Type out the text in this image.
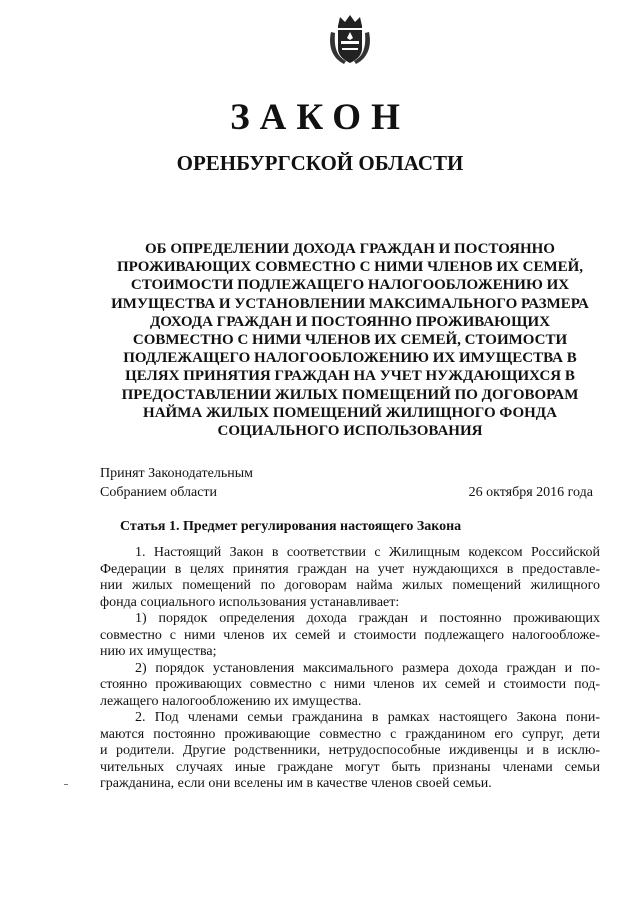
ЗАКОН
ОРЕНБУРГСКОЙ ОБЛАСТИ
ОБ ОПРЕДЕЛЕНИИ ДОХОДА ГРАЖДАН И ПОСТОЯННО
ПРОЖИВАЮЩИХ СОВМЕСТНО С НИМИ ЧЛЕНОВ ИХ СЕМЕЙ,
СТОИМОСТИ ПОДЛЕЖАЩЕГО НАЛОГООБЛОЖЕНИЮ ИХ
ИМУЩЕСТВА И УСТАНОВЛЕНИИ МАКСИМАЛЬНОГО РАЗМЕРА
ДОХОДА ГРАЖДАН И ПОСТОЯННО ПРОЖИВАЮЩИХ
СОВМЕСТНО С НИМИ ЧЛЕНОВ ИХ СЕМЕЙ, СТОИМОСТИ
ПОДЛЕЖАЩЕГО НАЛОГООБЛОЖЕНИЮ ИХ ИМУЩЕСТВА В
ЦЕЛЯХ ПРИНЯТИЯ ГРАЖДАН НА УЧЕТ НУЖДАЮЩИХСЯ В
ПРЕДОСТАВЛЕНИИ ЖИЛЫХ ПОМЕЩЕНИЙ ПО ДОГОВОРАМ
НАЙМА ЖИЛЫХ ПОМЕЩЕНИЙ ЖИЛИЩНОГО ФОНДА
СОЦИАЛЬНОГО ИСПОЛЬЗОВАНИЯ
Принят Законодательным
Собранием области	26 октября 2016 года
Статья 1. Предмет регулирования настоящего Закона

1. Настоящий Закон в соответствии с Жилищным кодексом Российской
Федерации в целях принятия граждан на учет нуждающихся в предоставле-
нии жилых помещений по договорам найма жилых помещений жилищного
фонда социального использования устанавливает:

1) порядок определения дохода граждан и постоянно проживающих
совместно с ними членов их семей и стоимости подлежащего налогообложе-
нию их имущества;

2) порядок установления максимального размера дохода граждан и по-
стоянно проживающих совместно с ними членов их семей и стоимости под-
лежащего налогообложению их имущества.

2. Под членами семьи гражданина в рамках настоящего Закона пони-
маются постоянно проживающие совместно с гражданином его супруг, дети
и родители. Другие родственники, нетрудоспособные иждивенцы и в исклю-
чительных случаях иные граждане могут быть признаны членами семьи
гражданина, если они вселены им в качестве членов своей семьи.
